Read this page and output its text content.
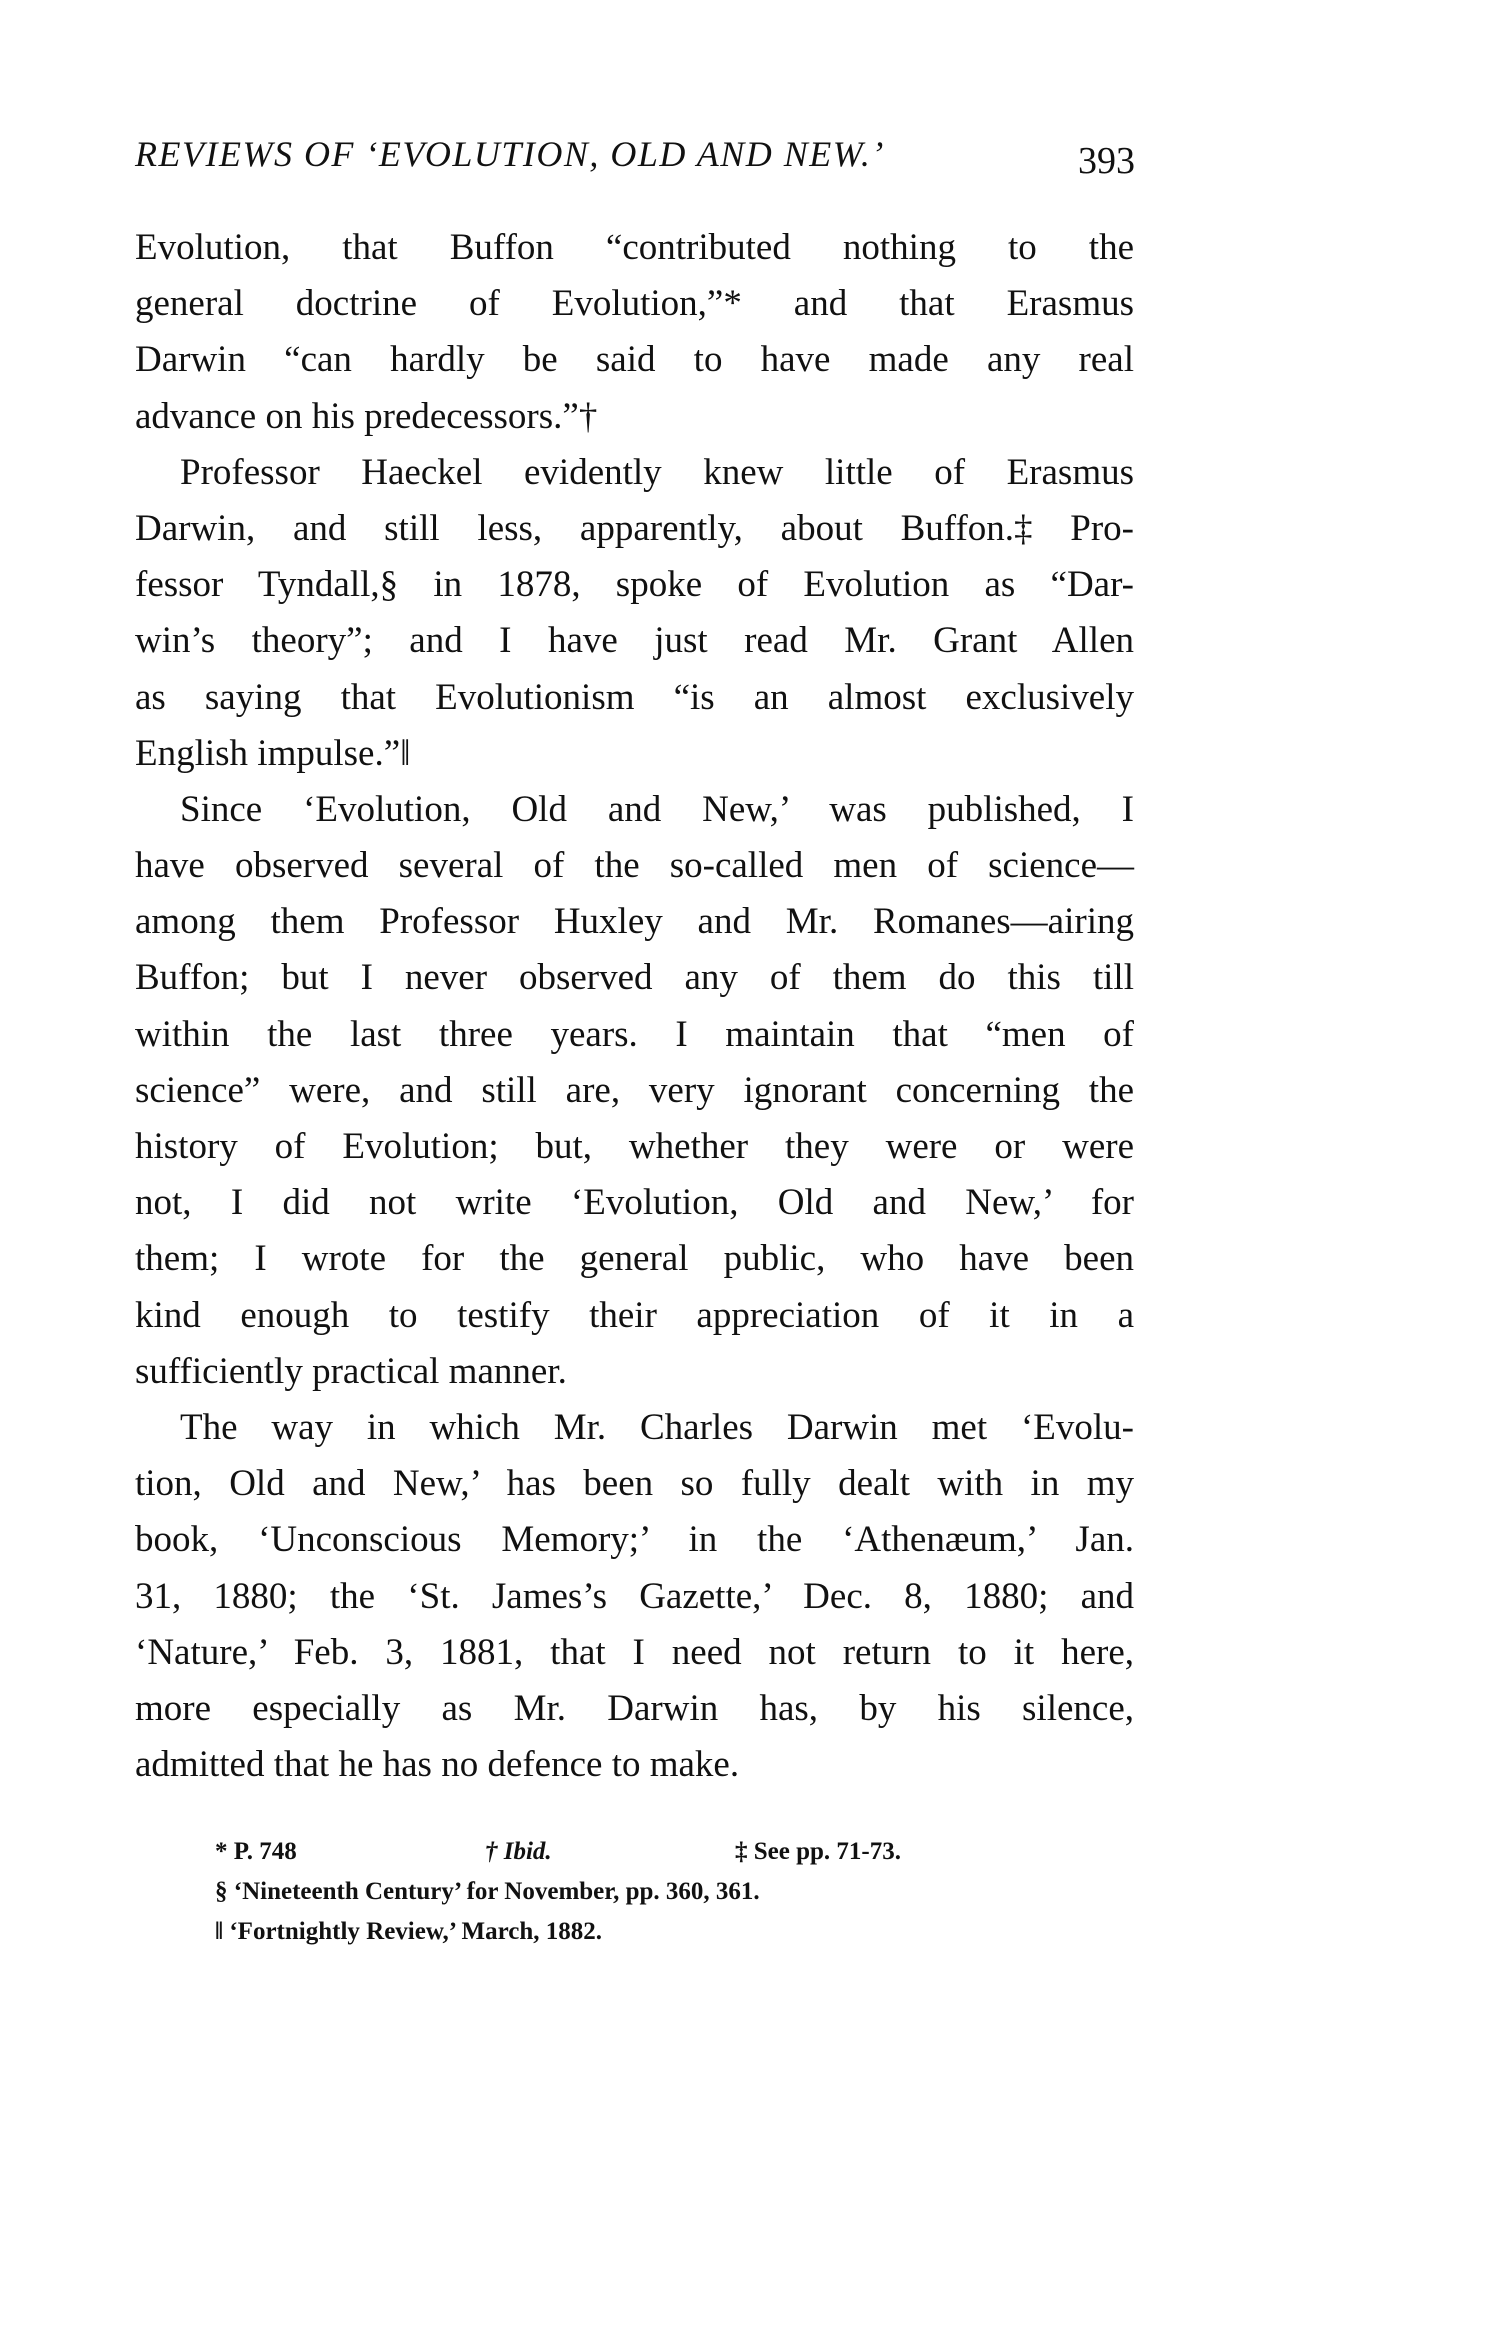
REVIEWS OF ‘EVOLUTION, OLD AND NEW.’	393
Evolution, that Buffon “contributed nothing to the
general doctrine of Evolution,”* and that Erasmus
Darwin “can hardly be said to have made any real
advance on his predecessors.”†
Professor Haeckel evidently knew little of Erasmus
Darwin, and still less, apparently, about Buffon.‡ Pro-
fessor Tyndall,§ in 1878, spoke of Evolution as “Dar-
win’s theory”; and I have just read Mr. Grant Allen
as saying that Evolutionism “is an almost exclusively
English impulse.”‖
Since ‘Evolution, Old and New,’ was published, I
have observed several of the so-called men of science—
among them Professor Huxley and Mr. Romanes—airing
Buffon; but I never observed any of them do this till
within the last three years. I maintain that “men of
science” were, and still are, very ignorant concerning the
history of Evolution; but, whether they were or were
not, I did not write ‘Evolution, Old and New,’ for
them; I wrote for the general public, who have been
kind enough to testify their appreciation of it in a
sufficiently practical manner.
The way in which Mr. Charles Darwin met ‘Evolu-
tion, Old and New,’ has been so fully dealt with in my
book, ‘Unconscious Memory;’ in the ‘Athenæum,’ Jan.
31, 1880; the ‘St. James’s Gazette,’ Dec. 8, 1880; and
‘Nature,’ Feb. 3, 1881, that I need not return to it here,
more especially as Mr. Darwin has, by his silence,
admitted that he has no defence to make.
* P. 748	† Ibid.	‡ See pp. 71-73.
§ ‘Nineteenth Century’ for November, pp. 360, 361.
‖ ‘Fortnightly Review,’ March, 1882.
